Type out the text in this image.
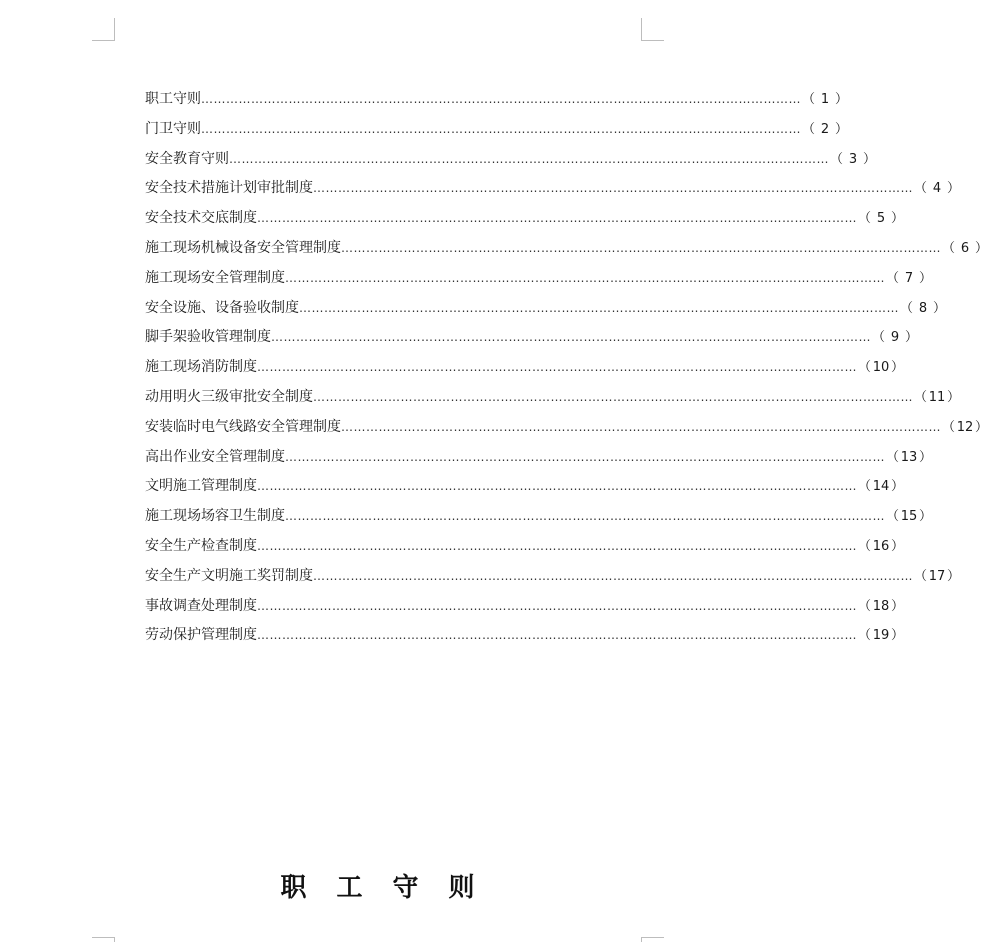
职工守则 ……………………………………………………………………………………………………………………………… （ 1 ）
门卫守则 ……………………………………………………………………………………………………………………………… （ 2 ）
安全教育守则 ……………………………………………………………………………………………………………………………… （ 3 ）
安全技术措施计划审批制度 ……………………………………………………………………………………………………………………………… （ 4 ）
安全技术交底制度 ……………………………………………………………………………………………………………………………… （ 5 ）
施工现场机械设备安全管理制度 ……………………………………………………………………………………………………………………………… （ 6 ）
施工现场安全管理制度 ……………………………………………………………………………………………………………………………… （ 7 ）
安全设施、设备验收制度 ……………………………………………………………………………………………………………………………… （ 8 ）
脚手架验收管理制度 ……………………………………………………………………………………………………………………………… （ 9 ）
施工现场消防制度 ……………………………………………………………………………………………………………………………… （ 10 ）
动用明火三级审批安全制度 ……………………………………………………………………………………………………………………………… （ 11 ）
安装临时电气线路安全管理制度 ……………………………………………………………………………………………………………………………… （ 12 ）
高出作业安全管理制度 ……………………………………………………………………………………………………………………………… （ 13 ）
文明施工管理制度 ……………………………………………………………………………………………………………………………… （ 14 ）
施工现场场容卫生制度 ……………………………………………………………………………………………………………………………… （ 15 ）
安全生产检查制度 ……………………………………………………………………………………………………………………………… （ 16 ）
安全生产文明施工奖罚制度 ……………………………………………………………………………………………………………………………… （ 17 ）
事故调查处理制度 ……………………………………………………………………………………………………………………………… （ 18 ）
劳动保护管理制度 ……………………………………………………………………………………………………………………………… （ 19 ）
职工守则
